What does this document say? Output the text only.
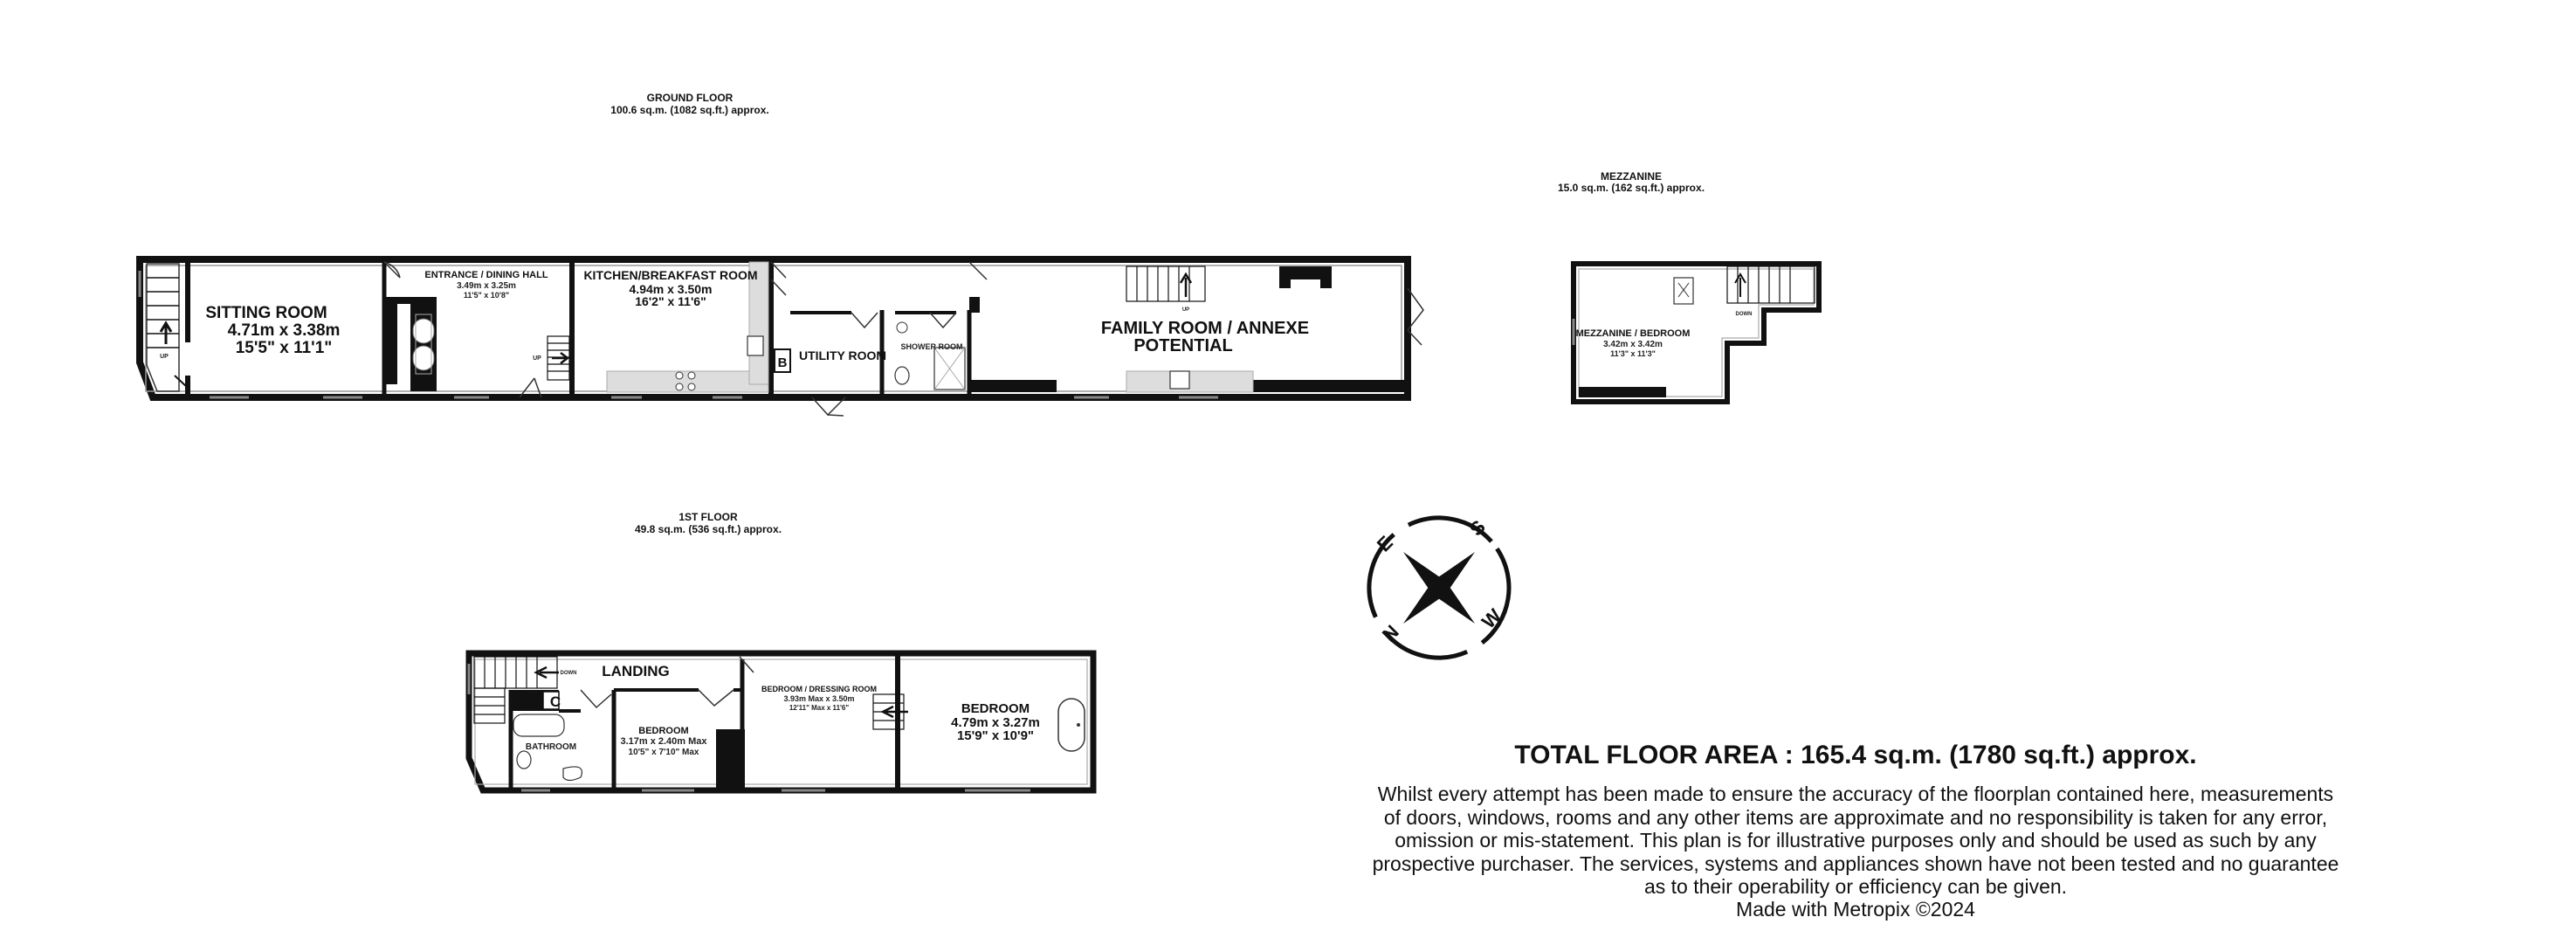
GROUND FLOOR
100.6 sq.m. (1082 sq.ft.) approx.
MEZZANINE
15.0 sq.m. (162 sq.ft.) approx.
1ST FLOOR
49.8 sq.m. (536 sq.ft.) approx.
UP	UP	B
UP
SITTING ROOM
4.71m x 3.38m
15'5" x 11'1"
ENTRANCE / DINING HALL
3.49m x 3.25m
11'5" x 10'8"
KITCHEN/BREAKFAST ROOM
4.94m x 3.50m
16'2" x 11'6"
UTILITY ROOM
SHOWER ROOM
FAMILY ROOM / ANNEXE
POTENTIAL
DOWN
MEZZANINE / BEDROOM
3.42m x 3.42m
11'3" x 11'3"
DOWN
C
LANDING
BATHROOM
BEDROOM
3.17m x 2.40m Max
10'5" x 7'10" Max
BEDROOM / DRESSING ROOM
3.93m Max x 3.50m
12'11" Max x 11'6"	BEDROOM
4.79m x 3.27m
15'9" x 10'9"
N
E
S
W
TOTAL FLOOR AREA : 165.4 sq.m. (1780 sq.ft.) approx.
Whilst every attempt has been made to ensure the accuracy of the floorplan contained here, measurements
of doors, windows, rooms and any other items are approximate and no responsibility is taken for any error,
omission or mis-statement. This plan is for illustrative purposes only and should be used as such by any
prospective purchaser. The services, systems and appliances shown have not been tested and no guarantee
as to their operability or efficiency can be given.
Made with Metropix ©2024
